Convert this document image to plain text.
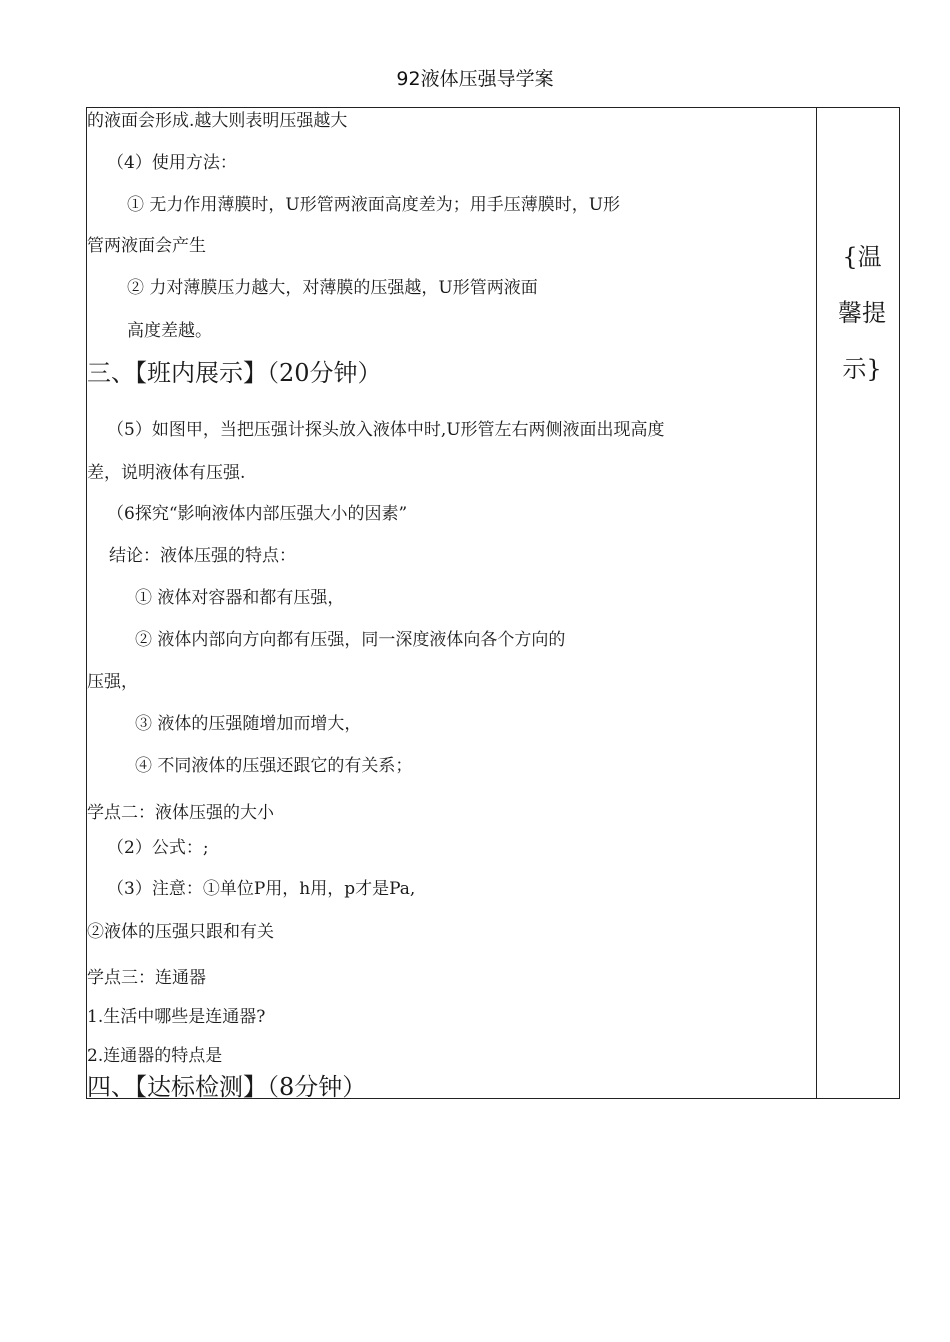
92液体压强导学案
的液面会形成.越大则表明压强越大
（4）使用方法：
① 无力作用薄膜时，U形管两液面高度差为；用手压薄膜时，U形
管两液面会产生
② 力对薄膜压力越大，对薄膜的压强越，U形管两液面
高度差越。
三、【班内展示】（20分钟）
（5）如图甲，当把压强计探头放入液体中时,U形管左右两侧液面出现高度
差，说明液体有压强.
（6探究“影响液体内部压强大小的因素”
结论：液体压强的特点：
① 液体对容器和都有压强，
② 液体内部向方向都有压强，同一深度液体向各个方向的
压强，
③ 液体的压强随增加而增大，
④ 不同液体的压强还跟它的有关系；
学点二：液体压强的大小
（2）公式：;
（3）注意：①单位P用，h用，p才是Pa,
②液体的压强只跟和有关
学点三：连通器
1.生活中哪些是连通器?
2.连通器的特点是
四、【达标检测】（8分钟）
{温
馨提
示}
